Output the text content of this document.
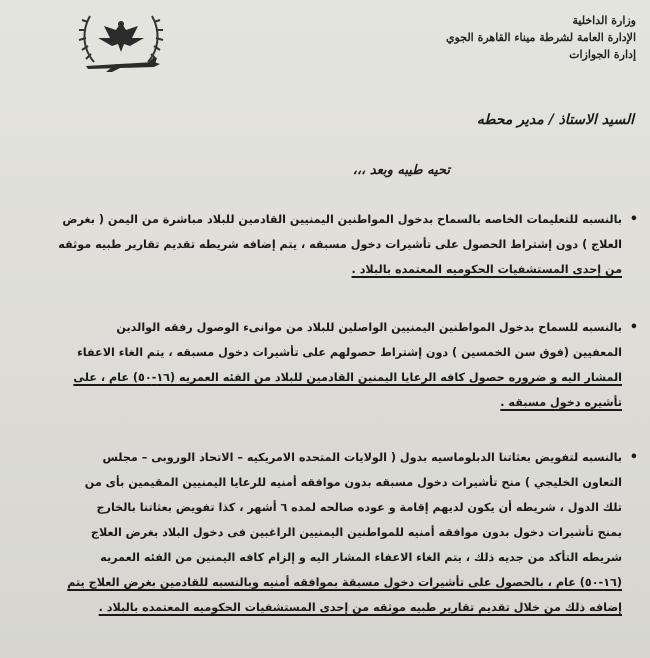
وزارة الداخلية
الإدارة العامة لشرطة ميناء القاهرة الجوي
إدارة الجوازات
السيد الاستاذ / مدير محطه
تحيه طيبه وبعد ،،،
•
بالنسبه للتعليمات الخاصه بالسماح بدخول المواطنين اليمنيين القادمين للبلاد مباشرة من اليمن ( بغرض
العلاج ) دون إشتراط الحصول على تأشيرات دخول مسبقه ، يتم إضافه شريطه تقديم تقارير طبيه موثقه
من إحدى المستشفيات الحكوميه المعتمده بالبلاد .
•
بالنسبه للسماح بدخول المواطنين اليمنيين الواصلين للبلاد من موانىء الوصول رفقه الوالدين
المعفيين (فوق سن الخمسين ) دون إشتراط حصولهم على تأشيرات دخول مسبقه ، يتم الغاء الاعفاء
المشار اليه و ضروره حصول كافه الرعايا اليمنين القادمين للبلاد من الفئه العمريه (١٦-٥٠) عام ، على
تأشيره دخول مسبقه .
•
بالنسبه لتفويض بعثاتنا الدبلوماسيه بدول ( الولايات المتحده الامريكيه – الاتحاد الوروبى – مجلس
التعاون الخليجي ) منح تأشيرات دخول مسبقه بدون موافقه أمنيه للرعايا اليمنيين المقيمين بأى من
تلك الدول ، شريطه أن يكون لديهم إقامة و عوده صالحه لمده ٦ أشهر ، كذا تفويض بعثاتنا بالخارج
بمنح تأشيرات دخول بدون موافقه أمنيه للمواطنين اليمنيين الراغبين فى دخول البلاد بغرض العلاج
شريطه التأكد من جديه ذلك ، يتم الغاء الاعفاء المشار اليه و إلزام كافه اليمنين من الفئه العمريه
(١٦-٥٠) عام ، بالحصول على تأشيرات دخول مسبقة بموافقه أمنيه وبالنسبه للقادمين بغرض العلاج يتم
إضافه ذلك من خلال تقديم تقارير طبيه موثقه من إحدى المستشفيات الحكوميه المعتمده بالبلاد .
